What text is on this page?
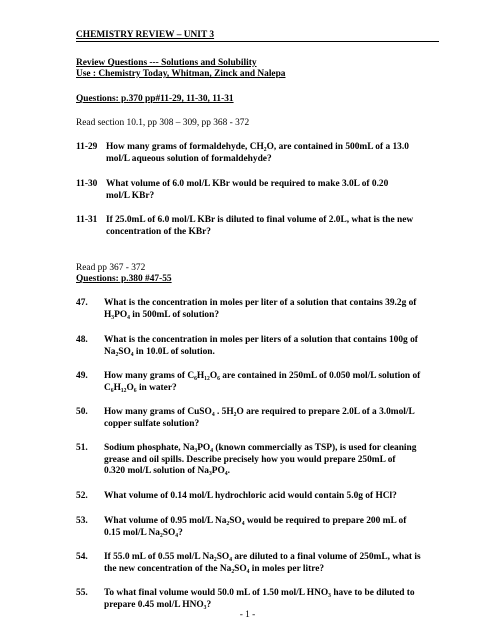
CHEMISTRY REVIEW – UNIT 3
Review Questions --- Solutions and Solubility
Use : Chemistry Today, Whitman, Zinck and Nalepa
Questions: p.370 pp#11-29, 11-30, 11-31
Read section 10.1, pp 308 – 309, pp 368 - 372
11-29 How many grams of formaldehyde, CH₂O, are contained in 500mL of a 13.0
mol/L aqueous solution of formaldehyde?
11-30 What volume of 6.0 mol/L KBr would be required to make 3.0L of 0.20
mol/L KBr?
11-31 If 25.0mL of 6.0 mol/L KBr is diluted to final volume of 2.0L, what is the new
concentration of the KBr?
Read pp 367 - 372
Questions: p.380 #47-55
47. What is the concentration in moles per liter of a solution that contains 39.2g of
H₃PO₄ in 500mL of solution?
48. What is the concentration in moles per liters of a solution that contains 100g of
Na₂SO₄ in 10.0L of solution.
49. How many grams of C₆H₁₂O₆ are contained in 250mL of 0.050 mol/L solution of
C₆H₁₂O₆ in water?
50. How many grams of CuSO₄ . 5H₂O are required to prepare 2.0L of a 3.0mol/L
copper sulfate solution?
51. Sodium phosphate, Na₃PO₄ (known commercially as TSP), is used for cleaning
grease and oil spills. Describe precisely how you would prepare 250mL of
0.320 mol/L solution of Na₃PO₄.
52. What volume of 0.14 mol/L hydrochloric acid would contain 5.0g of HCl?
53. What volume of 0.95 mol/L Na₂SO₄ would be required to prepare 200 mL of
0.15 mol/L Na₂SO₄?
54. If 55.0 mL of 0.55 mol/L Na₂SO₄ are diluted to a final volume of 250mL, what is
the new concentration of the Na₂SO₄ in moles per litre?
55. To what final volume would 50.0 mL of 1.50 mol/L HNO₃ have to be diluted to
prepare 0.45 mol/L HNO₃?
- 1 -
